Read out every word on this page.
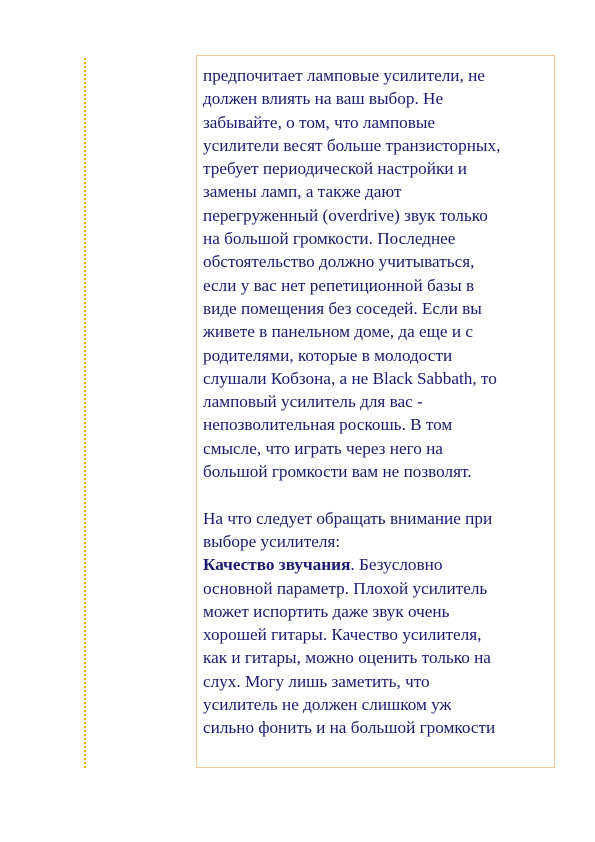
предпочитает ламповые усилители, не
должен влиять на ваш выбор. Не
забывайте, о том, что ламповые
усилители весят больше транзисторных,
требует периодической настройки и
замены ламп, а также дают
перегруженный (overdrive) звук только
на большой громкости. Последнее
обстоятельство должно учитываться,
если у вас нет репетиционной базы в
виде помещения без соседей. Если вы
живете в панельном доме, да еще и с
родителями, которые в молодости
слушали Кобзона, а не Black Sabbath, то
ламповый усилитель для вас -
непозволительная роскошь. В том
смысле, что играть через него на
большой громкости вам не позволят.
На что следует обращать внимание при
выборе усилителя:
Качество звучания. Безусловно
основной параметр. Плохой усилитель
может испортить даже звук очень
хорошей гитары. Качество усилителя,
как и гитары, можно оценить только на
слух. Могу лишь заметить, что
усилитель не должен слишком уж
сильно фонить и на большой громкости
